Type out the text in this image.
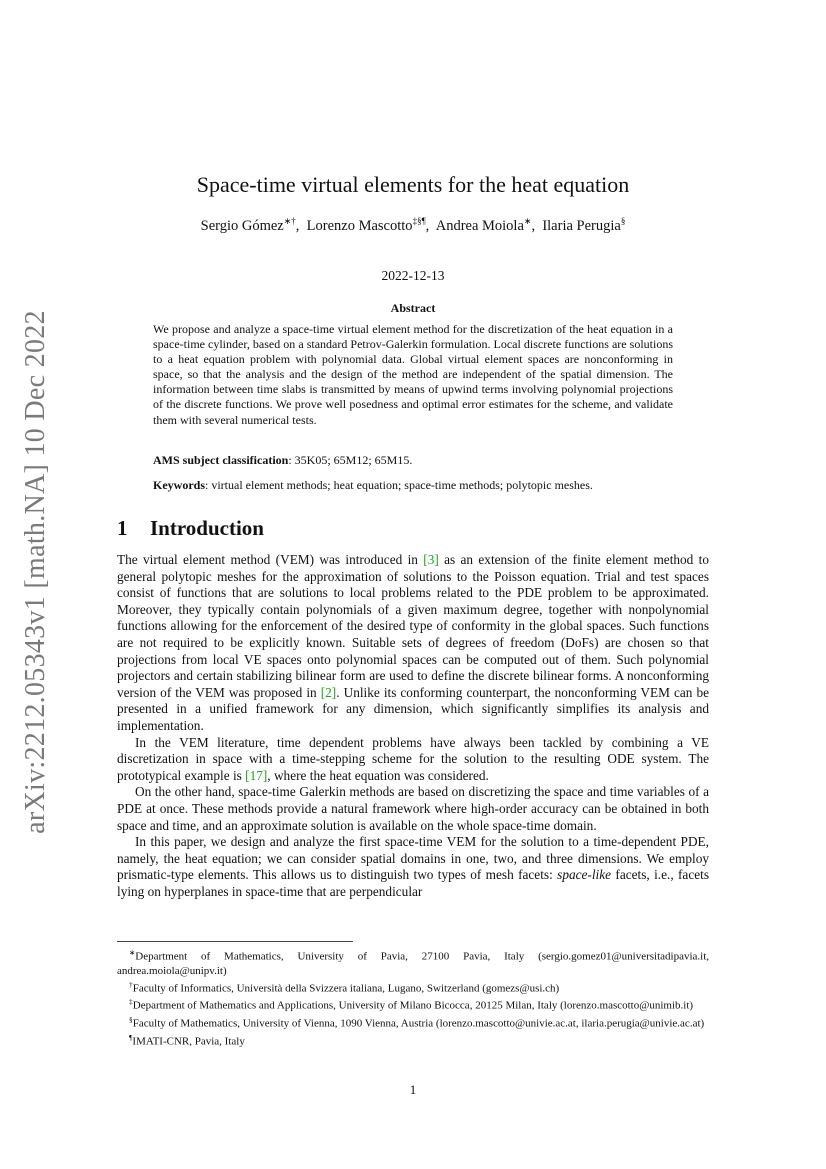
arXiv:2212.05343v1 [math.NA] 10 Dec 2022
Space-time virtual elements for the heat equation
Sergio Gómez∗†,  Lorenzo Mascotto‡§¶,  Andrea Moiola∗,  Ilaria Perugia§
2022-12-13
Abstract
We propose and analyze a space-time virtual element method for the discretization of the heat equation in a space-time cylinder, based on a standard Petrov-Galerkin formulation. Local discrete functions are solutions to a heat equation problem with polynomial data. Global virtual element spaces are nonconforming in space, so that the analysis and the design of the method are independent of the spatial dimension. The information between time slabs is transmitted by means of upwind terms involving polynomial projections of the discrete functions. We prove well posedness and optimal error estimates for the scheme, and validate them with several numerical tests.
AMS subject classification: 35K05; 65M12; 65M15.
Keywords: virtual element methods; heat equation; space-time methods; polytopic meshes.
1 Introduction

The virtual element method (VEM) was introduced in [3] as an extension of the finite element method to general polytopic meshes for the approximation of solutions to the Poisson equation. Trial and test spaces consist of functions that are solutions to local problems related to the PDE problem to be approximated. Moreover, they typically contain polynomials of a given maximum degree, together with nonpolynomial functions allowing for the enforcement of the desired type of conformity in the global spaces. Such functions are not required to be explicitly known. Suitable sets of degrees of freedom (DoFs) are chosen so that projections from local VE spaces onto polynomial spaces can be computed out of them. Such polynomial projectors and certain stabilizing bilinear form are used to define the discrete bilinear forms. A nonconforming version of the VEM was proposed in [2]. Unlike its conforming counterpart, the nonconforming VEM can be presented in a unified framework for any dimension, which significantly simplifies its analysis and implementation.

In the VEM literature, time dependent problems have always been tackled by combining a VE discretization in space with a time-stepping scheme for the solution to the resulting ODE system. The prototypical example is [17], where the heat equation was considered.

On the other hand, space-time Galerkin methods are based on discretizing the space and time variables of a PDE at once. These methods provide a natural framework where high-order accuracy can be obtained in both space and time, and an approximate solution is available on the whole space-time domain.

In this paper, we design and analyze the first space-time VEM for the solution to a time-dependent PDE, namely, the heat equation; we can consider spatial domains in one, two, and three dimensions. We employ prismatic-type elements. This allows us to distinguish two types of mesh facets: space-like facets, i.e., facets lying on hyperplanes in space-time that are perpendicular

∗Department of Mathematics, University of Pavia, 27100 Pavia, Italy (sergio.gomez01@universitadipavia.it, andrea.moiola@unipv.it)

†Faculty of Informatics, Università della Svizzera italiana, Lugano, Switzerland (gomezs@usi.ch)

‡Department of Mathematics and Applications, University of Milano Bicocca, 20125 Milan, Italy (lorenzo.mascotto@unimib.it)

§Faculty of Mathematics, University of Vienna, 1090 Vienna, Austria (lorenzo.mascotto@univie.ac.at, ilaria.perugia@univie.ac.at)

¶IMATI-CNR, Pavia, Italy

1
